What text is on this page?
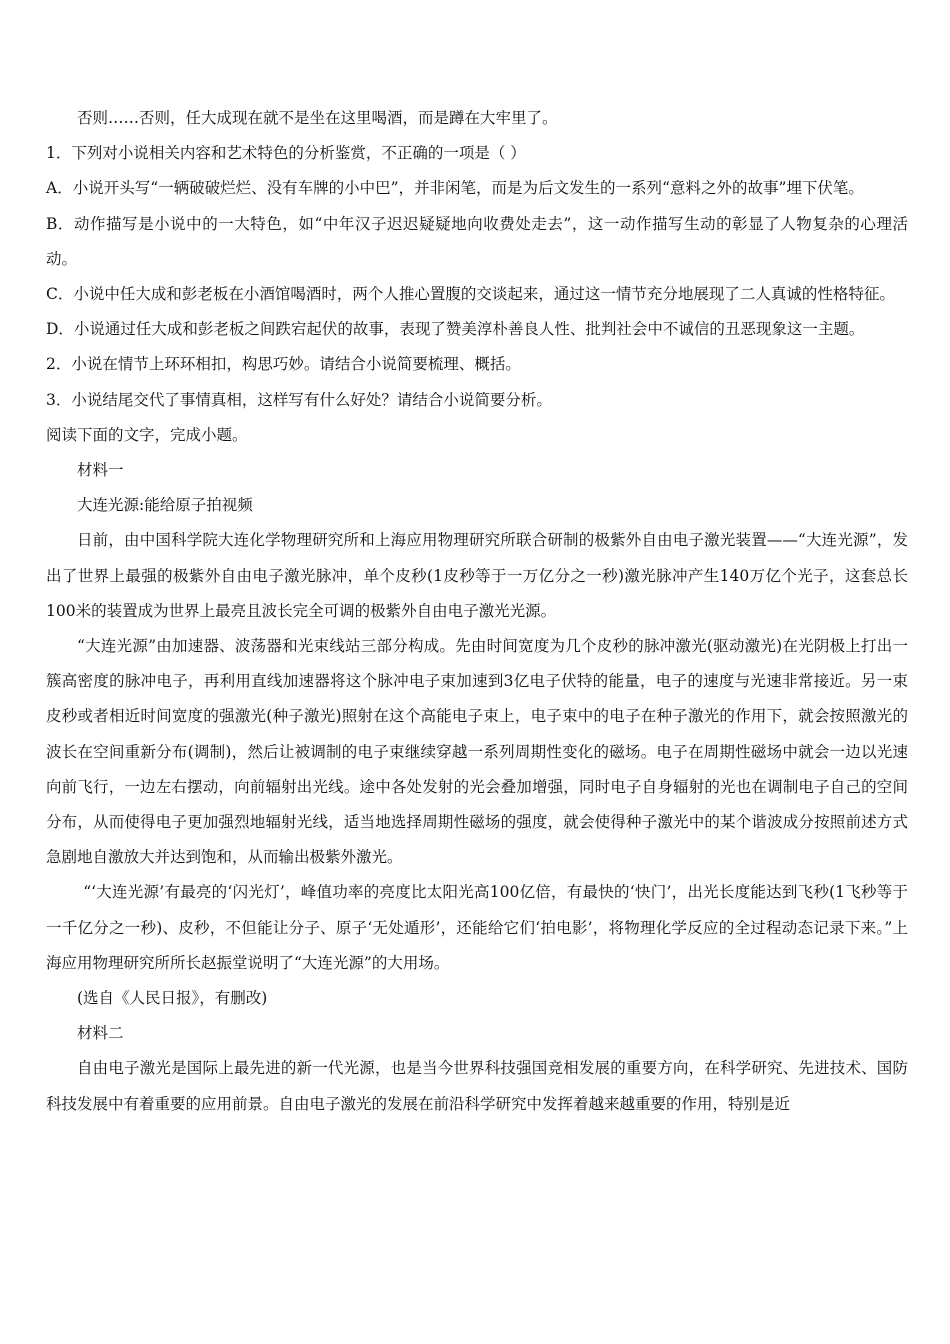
否则……否则，任大成现在就不是坐在这里喝酒，而是蹲在大牢里了。

1．下列对小说相关内容和艺术特色的分析鉴赏，不正确的一项是（ ）

A．小说开头写“一辆破破烂烂、没有车牌的小中巴”，并非闲笔，而是为后文发生的一系列“意料之外的故事”埋下伏笔。

B．动作描写是小说中的一大特色，如“中年汉子迟迟疑疑地向收费处走去”，这一动作描写生动的彰显了人物复杂的心理活动。

C．小说中任大成和彭老板在小酒馆喝酒时，两个人推心置腹的交谈起来，通过这一情节充分地展现了二人真诚的性格特征。

D．小说通过任大成和彭老板之间跌宕起伏的故事，表现了赞美淳朴善良人性、批判社会中不诚信的丑恶现象这一主题。

2．小说在情节上环环相扣，构思巧妙。请结合小说简要梳理、概括。

3．小说结尾交代了事情真相，这样写有什么好处？请结合小说简要分析。

阅读下面的文字，完成小题。

材料一

大连光源:能给原子拍视频

日前，由中国科学院大连化学物理研究所和上海应用物理研究所联合研制的极紫外自由电子激光装置——“大连光源”，发出了世界上最强的极紫外自由电子激光脉冲，单个皮秒(1皮秒等于一万亿分之一秒)激光脉冲产生140万亿个光子，这套总长100米的装置成为世界上最亮且波长完全可调的极紫外自由电子激光光源。

“大连光源”由加速器、波荡器和光束线站三部分构成。先由时间宽度为几个皮秒的脉冲激光(驱动激光)在光阴极上打出一簇高密度的脉冲电子，再利用直线加速器将这个脉冲电子束加速到3亿电子伏特的能量，电子的速度与光速非常接近。另一束皮秒或者相近时间宽度的强激光(种子激光)照射在这个高能电子束上，电子束中的电子在种子激光的作用下，就会按照激光的波长在空间重新分布(调制)，然后让被调制的电子束继续穿越一系列周期性变化的磁场。电子在周期性磁场中就会一边以光速向前飞行，一边左右摆动，向前辐射出光线。途中各处发射的光会叠加增强，同时电子自身辐射的光也在调制电子自己的空间分布，从而使得电子更加强烈地辐射光线，适当地选择周期性磁场的强度，就会使得种子激光中的某个谐波成分按照前述方式急剧地自激放大并达到饱和，从而输出极紫外激光。

“‘大连光源’有最亮的‘闪光灯’，峰值功率的亮度比太阳光高100亿倍，有最快的‘快门’，出光长度能达到飞秒(1飞秒等于一千亿分之一秒)、皮秒，不但能让分子、原子‘无处遁形’，还能给它们‘拍电影’，将物理化学反应的全过程动态记录下来。”上海应用物理研究所所长赵振堂说明了“大连光源”的大用场。

(选自《人民日报》，有删改)

材料二

自由电子激光是国际上最先进的新一代光源，也是当今世界科技强国竞相发展的重要方向，在科学研究、先进技术、国防科技发展中有着重要的应用前景。自由电子激光的发展在前沿科学研究中发挥着越来越重要的作用，特别是近
